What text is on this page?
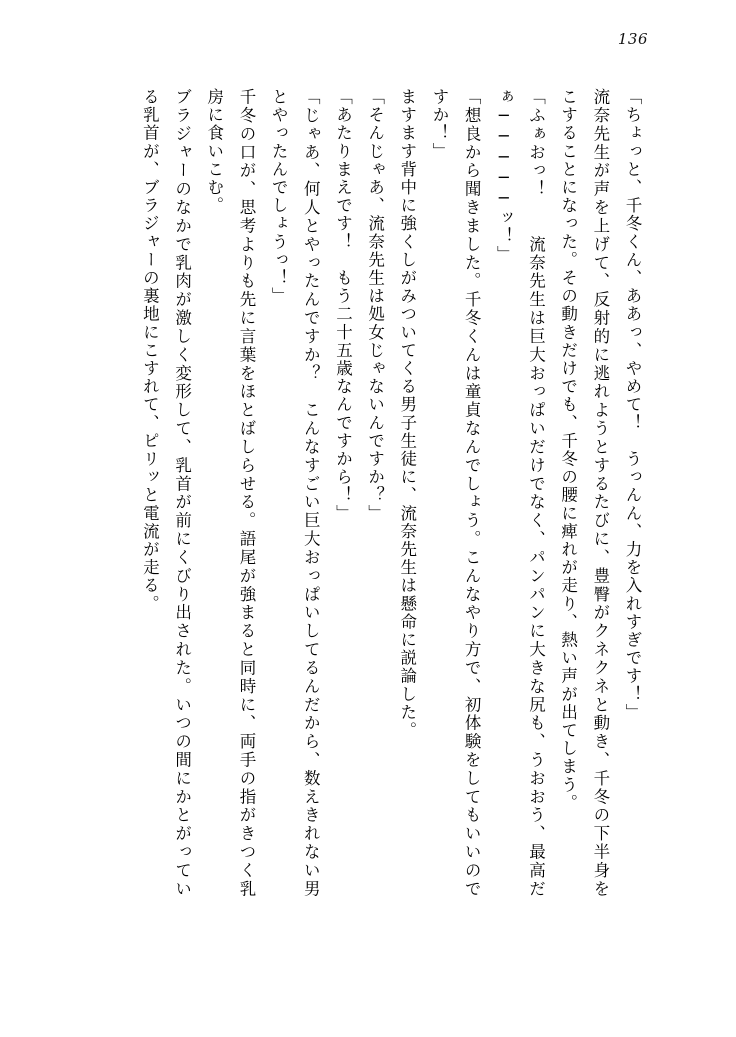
136

「ちょっと、千冬くん、ああっ、やめて！　うっんん、力を入れすぎです！」

流奈先生が声を上げて、反射的に逃れようとするたびに、豊臀がクネクネと動き、千冬の下半身をこすることになった。その動きだけでも、千冬の腰に痺れが走り、熱い声が出てしまう。

「ふぁおっ！　　流奈先生は巨大おっぱいだけでなく、パンパンに大きな尻も、うおおう、最高だぁ─────ッ！」

「想良から聞きました。千冬くんは童貞なんでしょう。こんなやり方で、初体験をしてもいいのですか！」

ますます背中に強くしがみついてくる男子生徒に、流奈先生は懸命に説論した。

「そんじゃあ、流奈先生は処女じゃないんですか？」

「あたりまえです！　もう二十五歳なんですから！」

「じゃあ、何人とやったんですか？　こんなすごい巨大おっぱいしてるんだから、数えきれない男とやったんでしょうっ！」

千冬の口が、思考よりも先に言葉をほとばしらせる。語尾が強まると同時に、両手の指がきつく乳房に食いこむ。

ブラジャーのなかで乳肉が激しく変形して、乳首が前にくびり出された。いつの間にかとがっている乳首が、ブラジャーの裏地にこすれて、ピリッと電流が走る。
